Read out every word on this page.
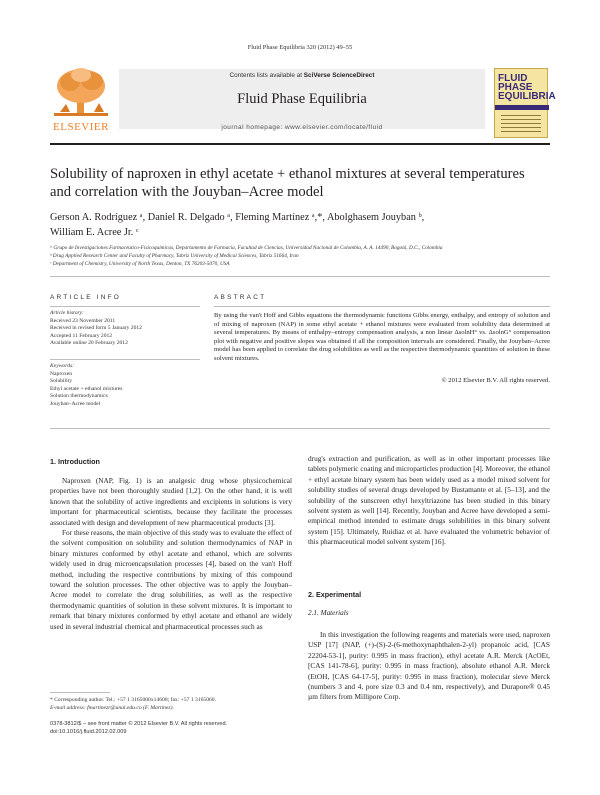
Fluid Phase Equilibria 320 (2012) 49–55
ELSEVIER
Contents lists available at SciVerse ScienceDirect
Fluid Phase Equilibria
journal homepage: www.elsevier.com/locate/fluid
FLUID PHASE
EQUILIBRIA
Solubility of naproxen in ethyl acetate + ethanol mixtures at several temperatures
and correlation with the Jouyban–Acree model
Gerson A. Rodríguez ᵃ, Daniel R. Delgado ᵃ, Fleming Martínez ᵃ,*, Abolghasem Jouyban ᵇ,
William E. Acree Jr. ᶜ
ᵃ Grupo de Investigaciones Farmacéutico-Fisicoquímicas, Departamento de Farmacia, Facultad de Ciencias, Universidad Nacional de Colombia, A. A. 14490, Bogotá, D.C., Colombia
ᵇ Drug Applied Research Center and Faculty of Pharmacy, Tabriz University of Medical Sciences, Tabriz 51664, Iran
ᶜ Department of Chemistry, University of North Texas, Denton, TX 76203-5070, USA
ARTICLE INFO
Article history:
Received 23 November 2011
Received in revised form 5 January 2012
Accepted 11 February 2012
Available online 20 February 2012
Keywords:
Naproxen
Solubility
Ethyl acetate + ethanol mixtures
Solution thermodynamics
Jouyban–Acree model
ABSTRACT
By using the van't Hoff and Gibbs equations the thermodynamic functions Gibbs energy, enthalpy, and entropy of solution and of mixing of naproxen (NAP) in some ethyl acetate + ethanol mixtures were evaluated from solubility data determined at several temperatures. By means of enthalpy–entropy compensation analysis, a non linear ΔsolnH° vs. ΔsolnG° compensation plot with negative and positive slopes was obtained if all the composition intervals are considered. Finally, the Jouyban–Acree model has been applied to correlate the drug solubilities as well as the respective thermodynamic quantities of solution in these solvent mixtures.
© 2012 Elsevier B.V. All rights reserved.
1. Introduction

Naproxen (NAP, Fig. 1) is an analgesic drug whose physicochemical properties have not been thoroughly studied [1,2]. On the other hand, it is well known that the solubility of active ingredients and excipients in solutions is very important for pharmaceutical scientists, because they facilitate the processes associated with design and development of new pharmaceutical products [3].

For these reasons, the main objective of this study was to evaluate the effect of the solvent composition on solubility and solution thermodynamics of NAP in binary mixtures conformed by ethyl acetate and ethanol, which are solvents widely used in drug microencapsulation processes [4], based on the van't Hoff method, including the respective contributions by mixing of this compound toward the solution processes. The other objective was to apply the Jouyban–Acree model to correlate the drug solubilities, as well as the respective thermodynamic quantities of solution in these solvent mixtures. It is important to remark that binary mixtures conformed by ethyl acetate and ethanol are widely used in several industrial chemical and pharmaceutical processes such as

* Corresponding author. Tel.: +57 1 3165000x14608; fax: +57 1 3165060.
E-mail address: fmartinezr@unal.edu.co (F. Martínez).
0378-3812/$ – see front matter © 2012 Elsevier B.V. All rights reserved.
doi:10.1016/j.fluid.2012.02.009

drug's extraction and purification, as well as in other important processes like tablets polymeric coating and microparticles production [4]. Moreover, the ethanol + ethyl acetate binary system has been widely used as a model mixed solvent for solubility studies of several drugs developed by Bustamante et al. [5–13], and the solubility of the sunscreen ethyl hexyltriazone has been studied in this binary solvent system as well [14]. Recently, Jouyban and Acree have developed a semi-empirical method intended to estimate drugs solubilities in this binary solvent system [15]. Ultimately, Ruidiaz et al. have evaluated the volumetric behavior of this pharmaceutical model solvent system [16].

2. Experimental
2.1. Materials

In this investigation the following reagents and materials were used, naproxen USP [17] (NAP, (+)-(S)-2-(6-methoxynaphthalen-2-yl) propanoic acid, [CAS 22204-53-1], purity: 0.995 in mass fraction), ethyl acetate A.R. Merck (AcOEt, [CAS 141-78-6], purity: 0.995 in mass fraction), absolute ethanol A.R. Merck (EtOH, [CAS 64-17-5], purity: 0.995 in mass fraction), molecular sieve Merck (numbers 3 and 4, pore size 0.3 and 0.4 nm, respectively), and Durapore® 0.45 µm filters from Millipore Corp.
